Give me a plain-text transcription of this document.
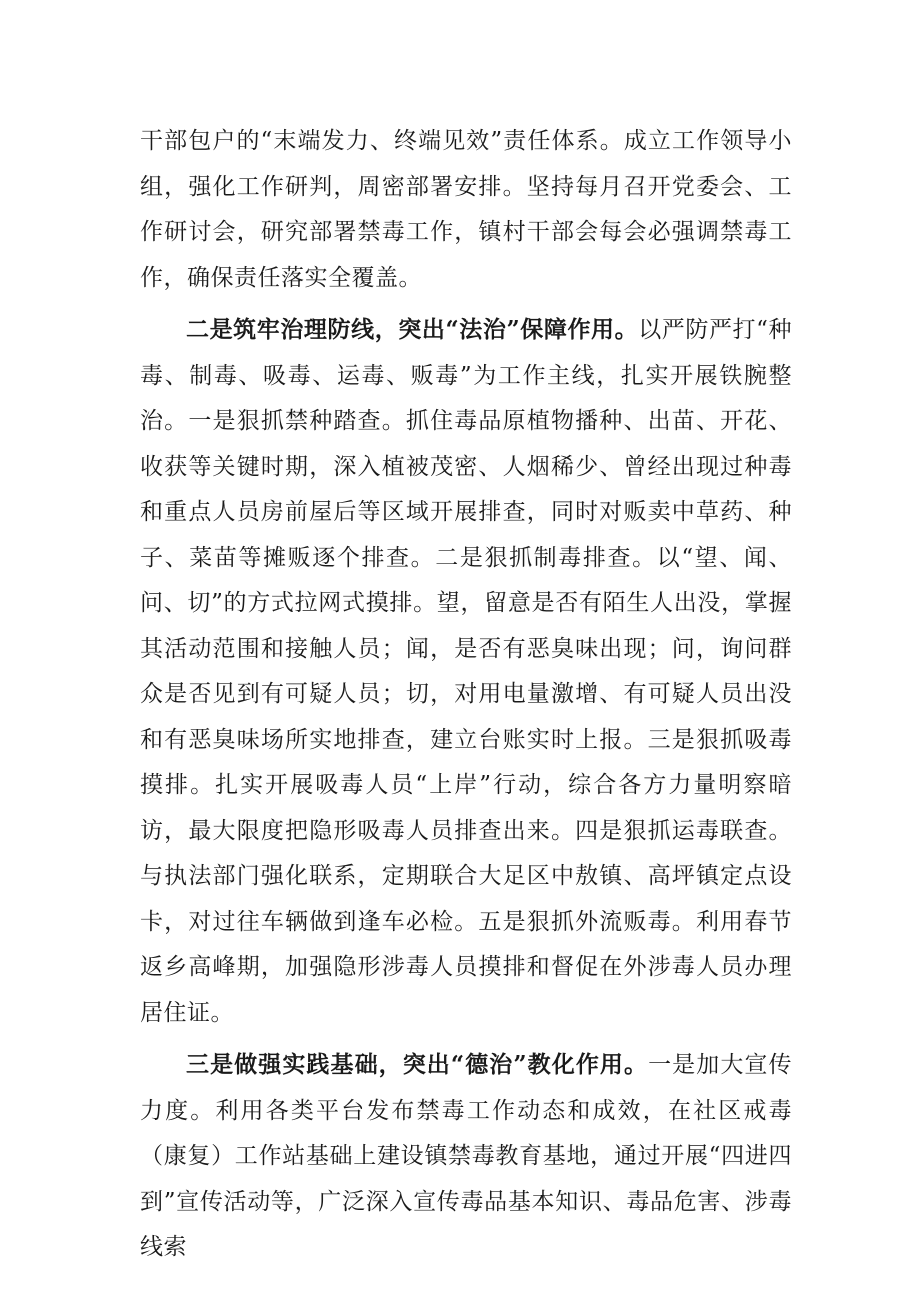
干部包户的“末端发力、终端见效”责任体系。成立工作领导小组，强化工作研判，周密部署安排。坚持每月召开党委会、工作研讨会，研究部署禁毒工作，镇村干部会每会必强调禁毒工作，确保责任落实全覆盖。

二是筑牢治理防线，突出“法治”保障作用。以严防严打“种毒、制毒、吸毒、运毒、贩毒”为工作主线，扎实开展铁腕整治。一是狠抓禁种踏查。抓住毒品原植物播种、出苗、开花、收获等关键时期，深入植被茂密、人烟稀少、曾经出现过种毒和重点人员房前屋后等区域开展排查，同时对贩卖中草药、种子、菜苗等摊贩逐个排查。二是狠抓制毒排查。以“望、闻、问、切”的方式拉网式摸排。望，留意是否有陌生人出没，掌握其活动范围和接触人员；闻，是否有恶臭味出现；问，询问群众是否见到有可疑人员；切，对用电量激增、有可疑人员出没和有恶臭味场所实地排查，建立台账实时上报。三是狠抓吸毒摸排。扎实开展吸毒人员“上岸”行动，综合各方力量明察暗访，最大限度把隐形吸毒人员排查出来。四是狠抓运毒联查。与执法部门强化联系，定期联合大足区中敖镇、高坪镇定点设卡，对过往车辆做到逢车必检。五是狠抓外流贩毒。利用春节返乡高峰期，加强隐形涉毒人员摸排和督促在外涉毒人员办理居住证。

三是做强实践基础，突出“德治”教化作用。一是加大宣传力度。利用各类平台发布禁毒工作动态和成效，在社区戒毒（康复）工作站基础上建设镇禁毒教育基地，通过开展“四进四到”宣传活动等，广泛深入宣传毒品基本知识、毒品危害、涉毒线索
